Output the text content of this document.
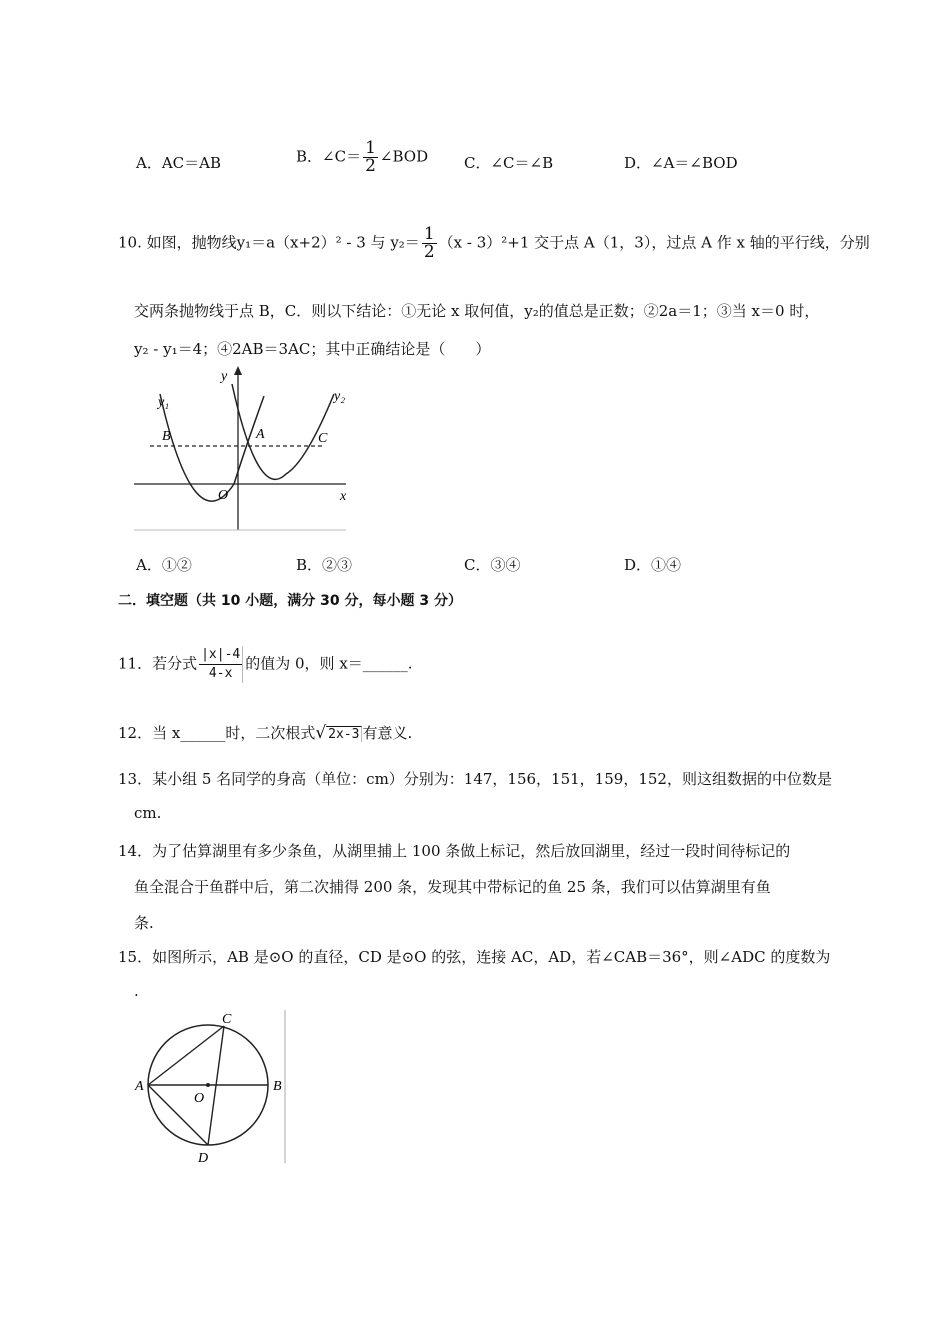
A．AC＝AB	B．∠C＝ $\frac{1}{2}$ ∠BOD C．∠C＝∠B	D．∠A＝∠BOD
10. 如图，抛物线y₁＝a（x+2）² ‑ 3 与 $y_2= \frac{1}{2} (x$ ‑ 3）²+1 交于点 A（1，3），过点 A 作 x 轴的平行线，分别
交两条抛物线于点 B，C．则以下结论：①无论 x 取何值，y₂的值总是正数；②2a＝1；③当 x＝0 时，
y₂ ‑ y₁＝4；④2AB＝3AC；其中正确结论是（　　）
y
x
y₁	y₂
B	A	C
O
A．①②	B．②③	C．③④	D．①④
二．填空题（共 10 小题，满分 30 分，每小题 3 分）
11．若分式 $\frac{|x|‑4}{4‑x}$ 的值为 0，则 x＝______.
12．当 x______时，二次根式√ 2x‑3 有意义.
13．某小组 5 名同学的身高（单位：cm）分别为：147，156，151，159，152，则这组数据的中位数是
cm.
14．为了估算湖里有多少条鱼，从湖里捕上 100 条做上标记，然后放回湖里，经过一段时间待标记的
鱼全混合于鱼群中后，第二次捕得 200 条，发现其中带标记的鱼 25 条，我们可以估算湖里有鱼
条.
15．如图所示，AB 是⊙O 的直径，CD 是⊙O 的弦，连接 AC，AD，若∠CAB＝36°，则∠ADC 的度数为
.
A	B
C
D
O
